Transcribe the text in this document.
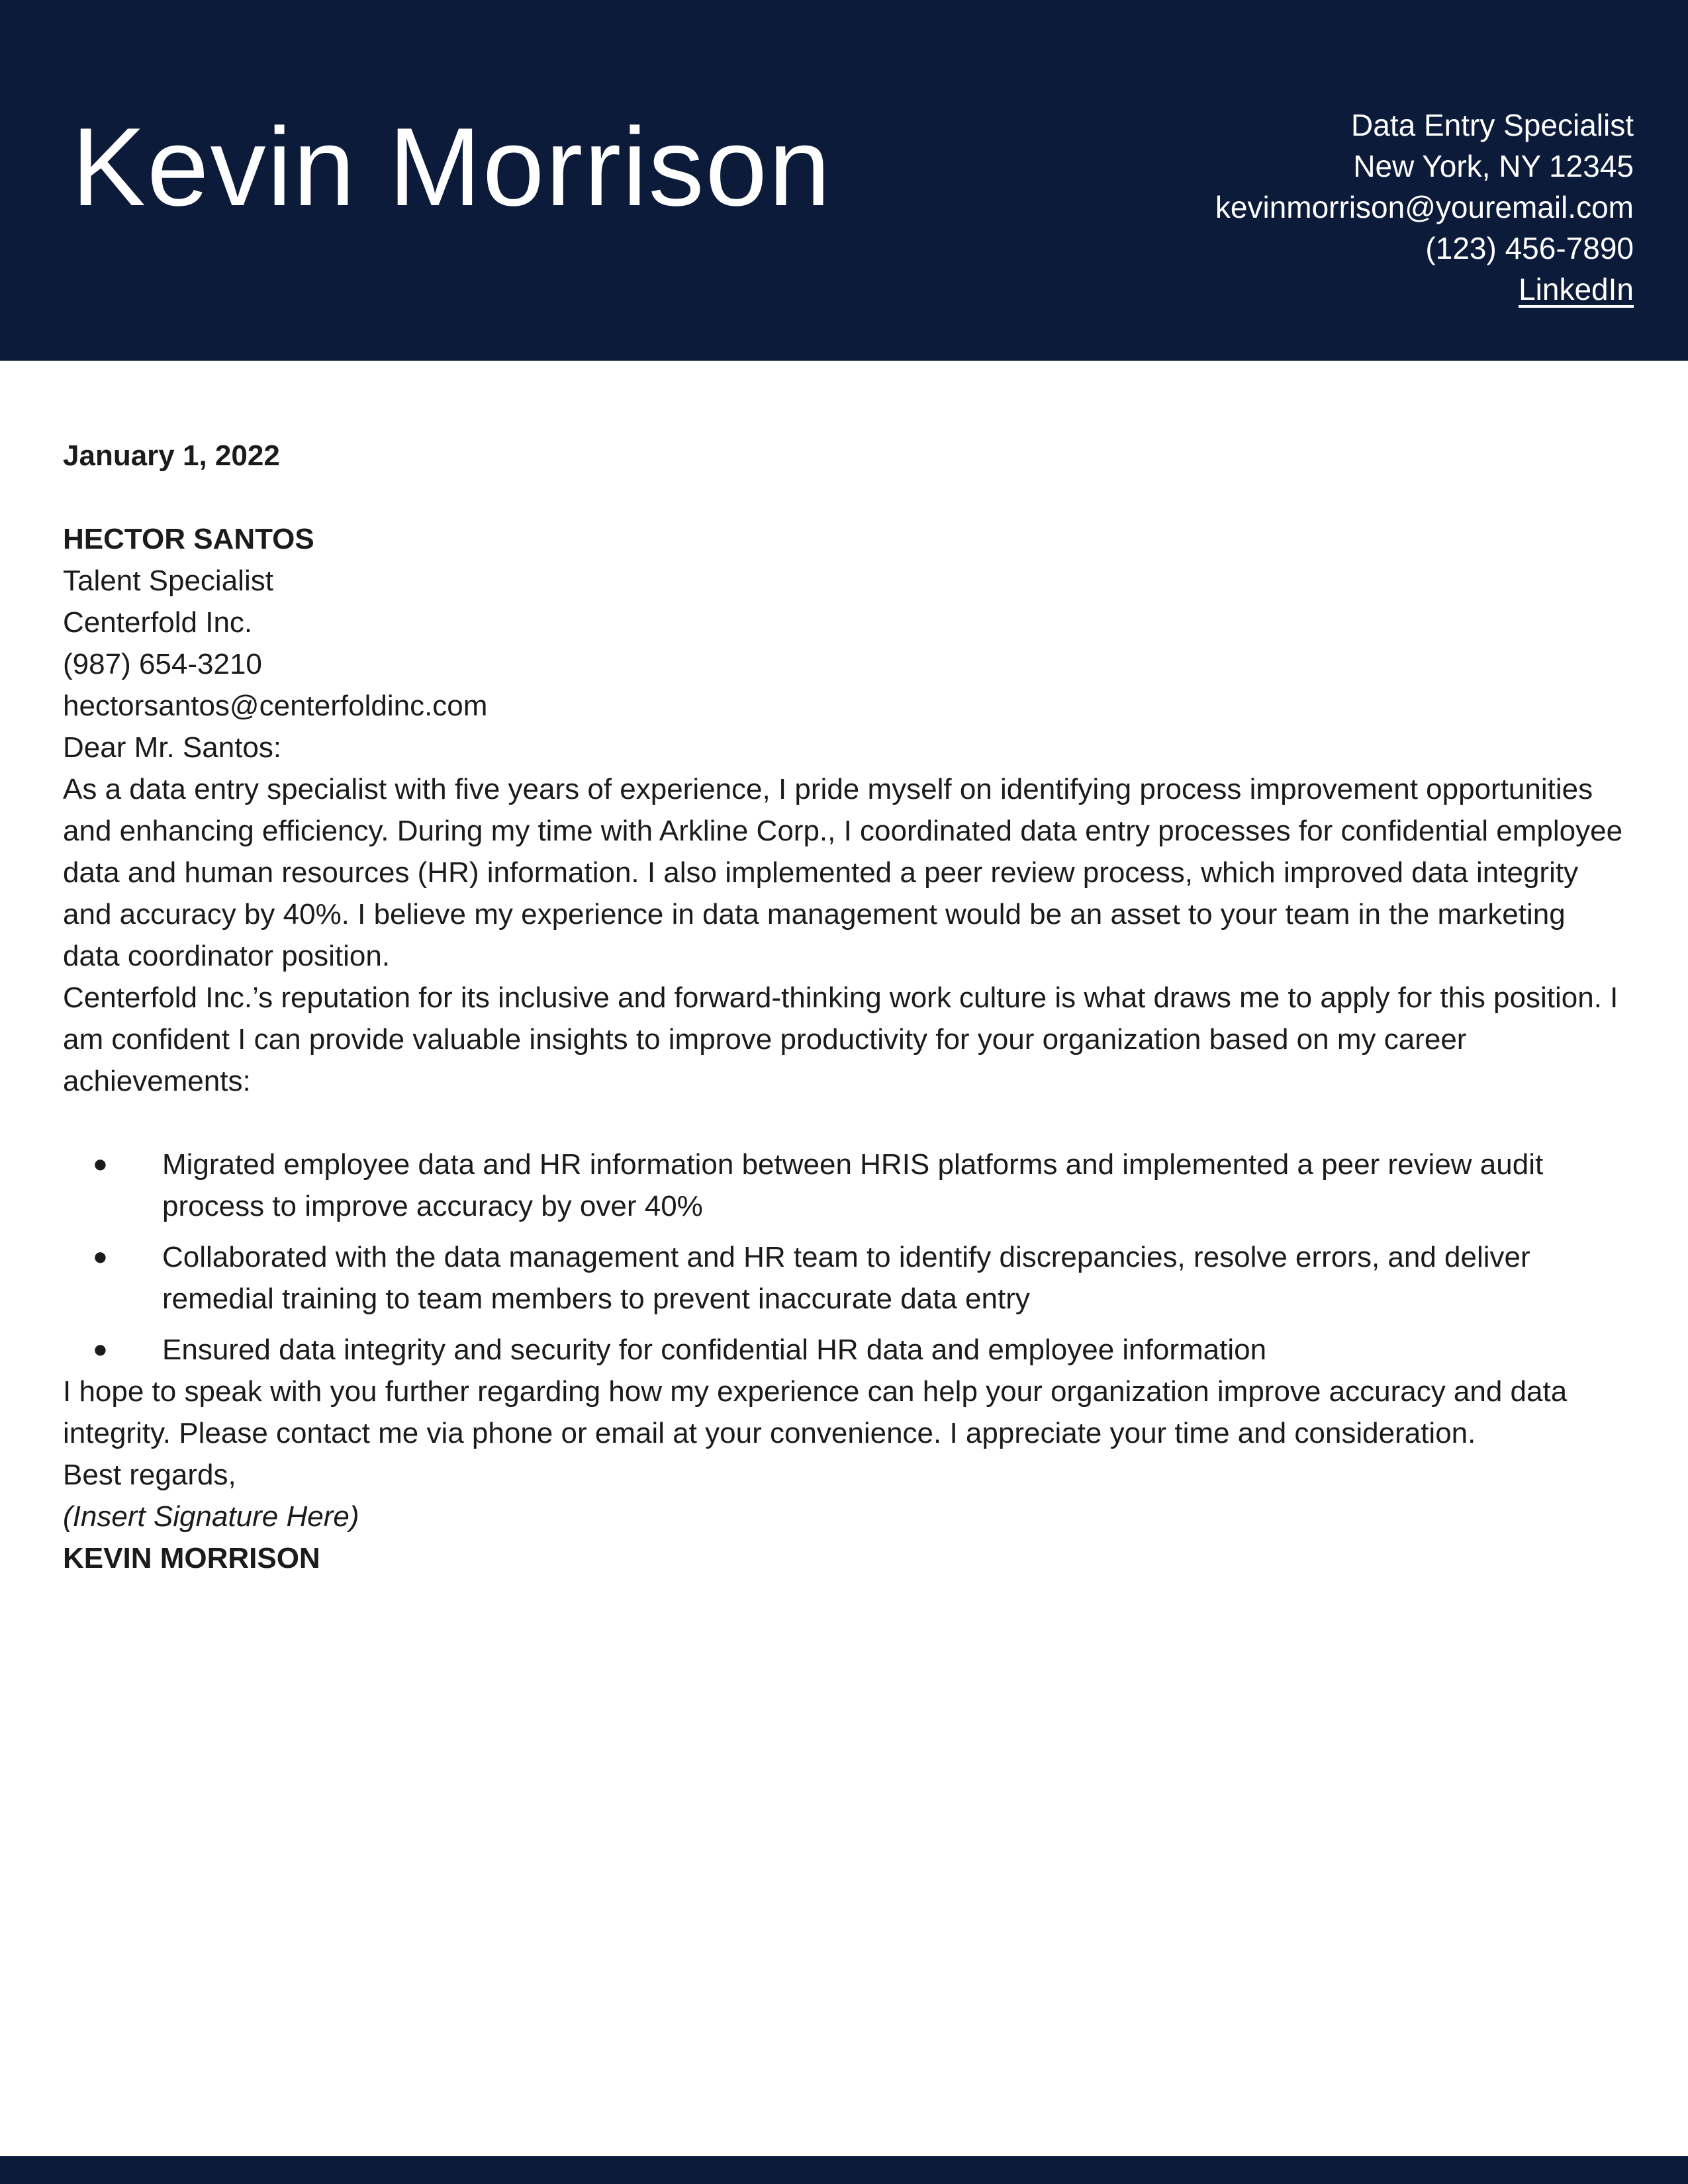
Kevin Morrison	Data Entry Specialist
New York, NY 12345
kevinmorrison@youremail.com
(123) 456-7890
LinkedIn

January 1, 2022

HECTOR SANTOS

Talent Specialist

Centerfold Inc.

(987) 654-3210

hectorsantos@centerfoldinc.com

Dear Mr. Santos:

As a data entry specialist with five years of experience, I pride myself on identifying process improvement opportunities and enhancing efficiency. During my time with Arkline Corp., I coordinated data entry processes for confidential employee data and human resources (HR) information. I also implemented a peer review process, which improved data integrity and accuracy by 40%. I believe my experience in data management would be an asset to your team in the marketing data coordinator position.

Centerfold Inc.’s reputation for its inclusive and forward-thinking work culture is what draws me to apply for this position. I am confident I can provide valuable insights to improve productivity for your organization based on my career achievements:

●	Migrated employee data and HR information between HRIS platforms and implemented a peer review audit process to improve accuracy by over 40%
●	Collaborated with the data management and HR team to identify discrepancies, resolve errors, and deliver remedial training to team members to prevent inaccurate data entry
●	Ensured data integrity and security for confidential HR data and employee information

I hope to speak with you further regarding how my experience can help your organization improve accuracy and data integrity. Please contact me via phone or email at your convenience. I appreciate your time and consideration.

Best regards,

(Insert Signature Here)

KEVIN MORRISON
